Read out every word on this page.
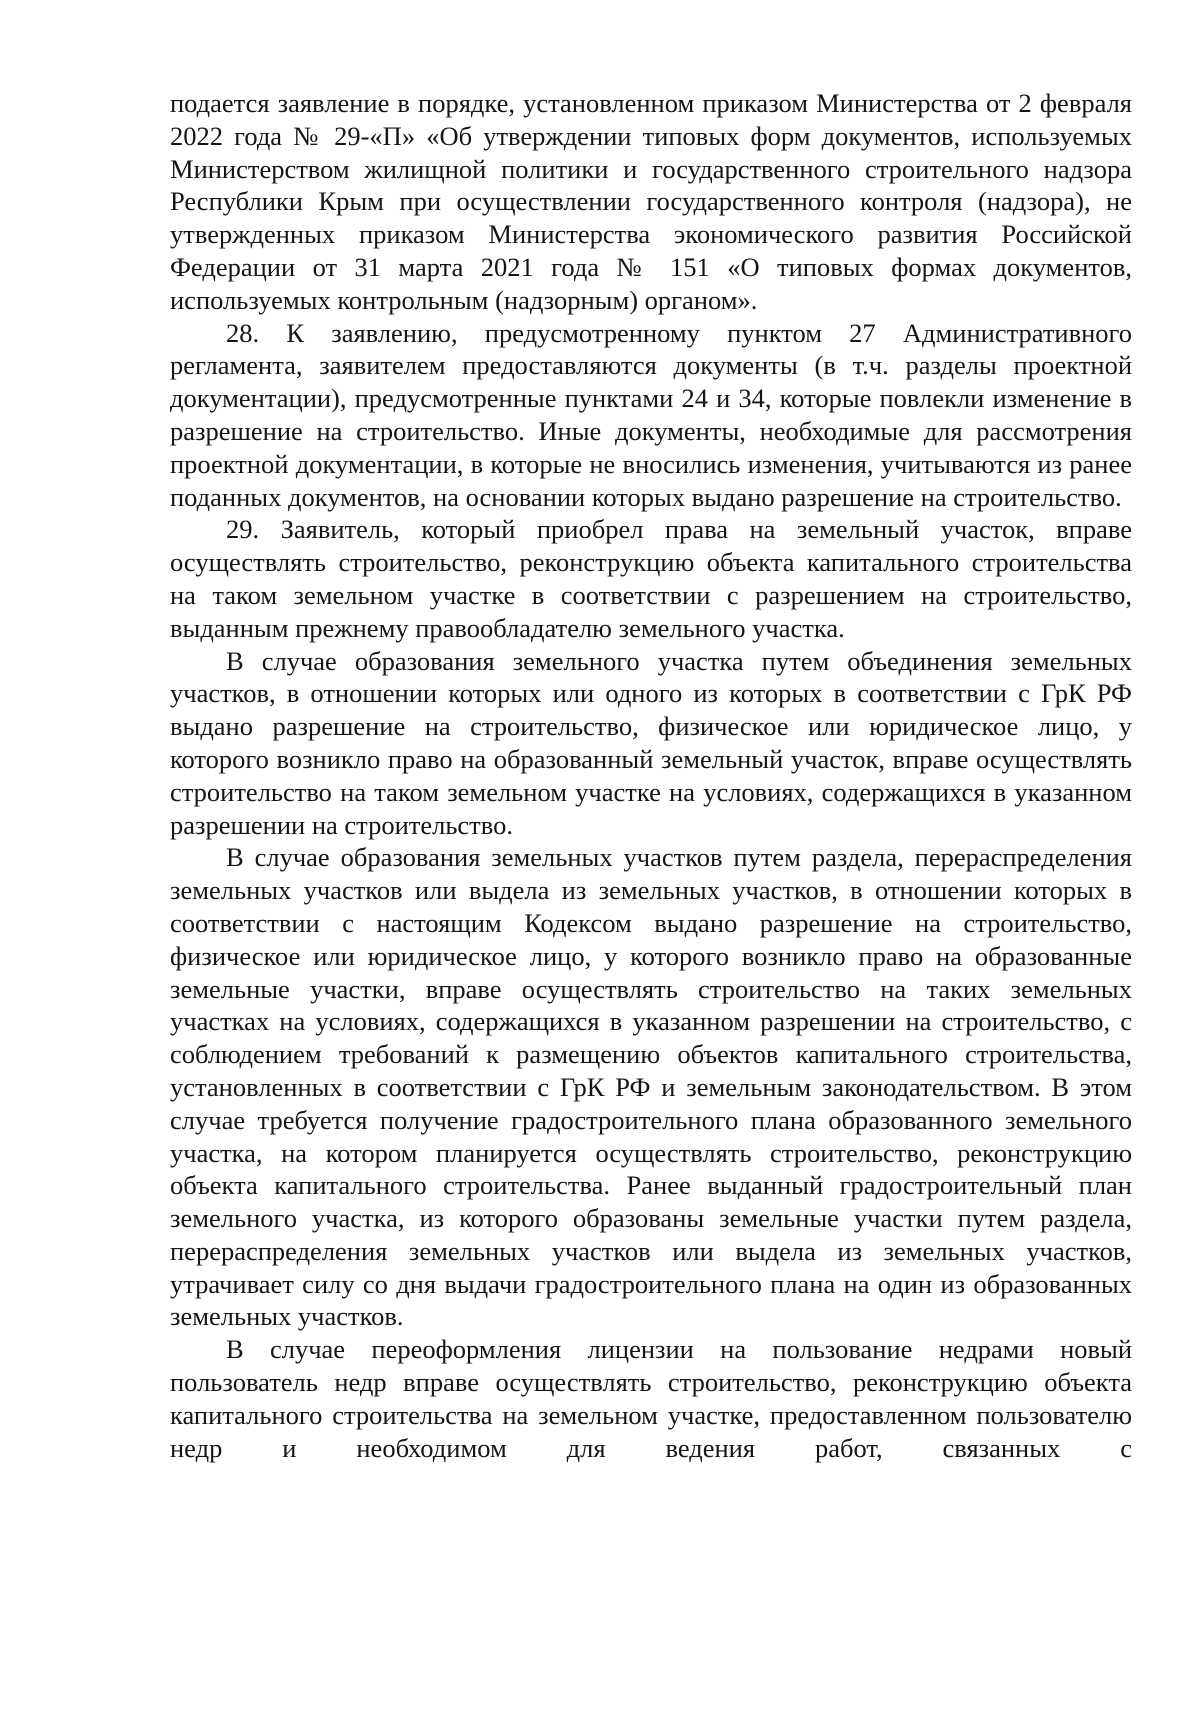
подается заявление в порядке, установленном приказом Министерства от 2 февраля 2022 года № 29-«П» «Об утверждении типовых форм документов, используемых Министерством жилищной политики и государственного строительного надзора Республики Крым при осуществлении государственного контроля (надзора), не утвержденных приказом Министерства экономического развития Российской Федерации от 31 марта 2021 года № 151 «О типовых формах документов, используемых контрольным (надзорным) органом».

28. К заявлению, предусмотренному пунктом 27 Административного регламента, заявителем предоставляются документы (в т.ч. разделы проектной документации), предусмотренные пунктами 24 и 34, которые повлекли изменение в разрешение на строительство. Иные документы, необходимые для рассмотрения проектной документации, в которые не вносились изменения, учитываются из ранее поданных документов, на основании которых выдано разрешение на строительство.

29. Заявитель, который приобрел права на земельный участок, вправе осуществлять строительство, реконструкцию объекта капитального строительства на таком земельном участке в соответствии с разрешением на строительство, выданным прежнему правообладателю земельного участка.

В случае образования земельного участка путем объединения земельных участков, в отношении которых или одного из которых в соответствии с ГрК РФ выдано разрешение на строительство, физическое или юридическое лицо, у которого возникло право на образованный земельный участок, вправе осуществлять строительство на таком земельном участке на условиях, содержащихся в указанном разрешении на строительство.

В случае образования земельных участков путем раздела, перераспределения земельных участков или выдела из земельных участков, в отношении которых в соответствии с настоящим Кодексом выдано разрешение на строительство, физическое или юридическое лицо, у которого возникло право на образованные земельные участки, вправе осуществлять строительство на таких земельных участках на условиях, содержащихся в указанном разрешении на строительство, с соблюдением требований к размещению объектов капитального строительства, установленных в соответствии с ГрК РФ и земельным законодательством. В этом случае требуется получение градостроительного плана образованного земельного участка, на котором планируется осуществлять строительство, реконструкцию объекта капитального строительства. Ранее выданный градостроительный план земельного участка, из которого образованы земельные участки путем раздела, перераспределения земельных участков или выдела из земельных участков, утрачивает силу со дня выдачи градостроительного плана на один из образованных земельных участков.

В случае переоформления лицензии на пользование недрами новый пользователь недр вправе осуществлять строительство, реконструкцию объекта капитального строительства на земельном участке, предоставленном пользователю недр и необходимом для ведения работ, связанных с
